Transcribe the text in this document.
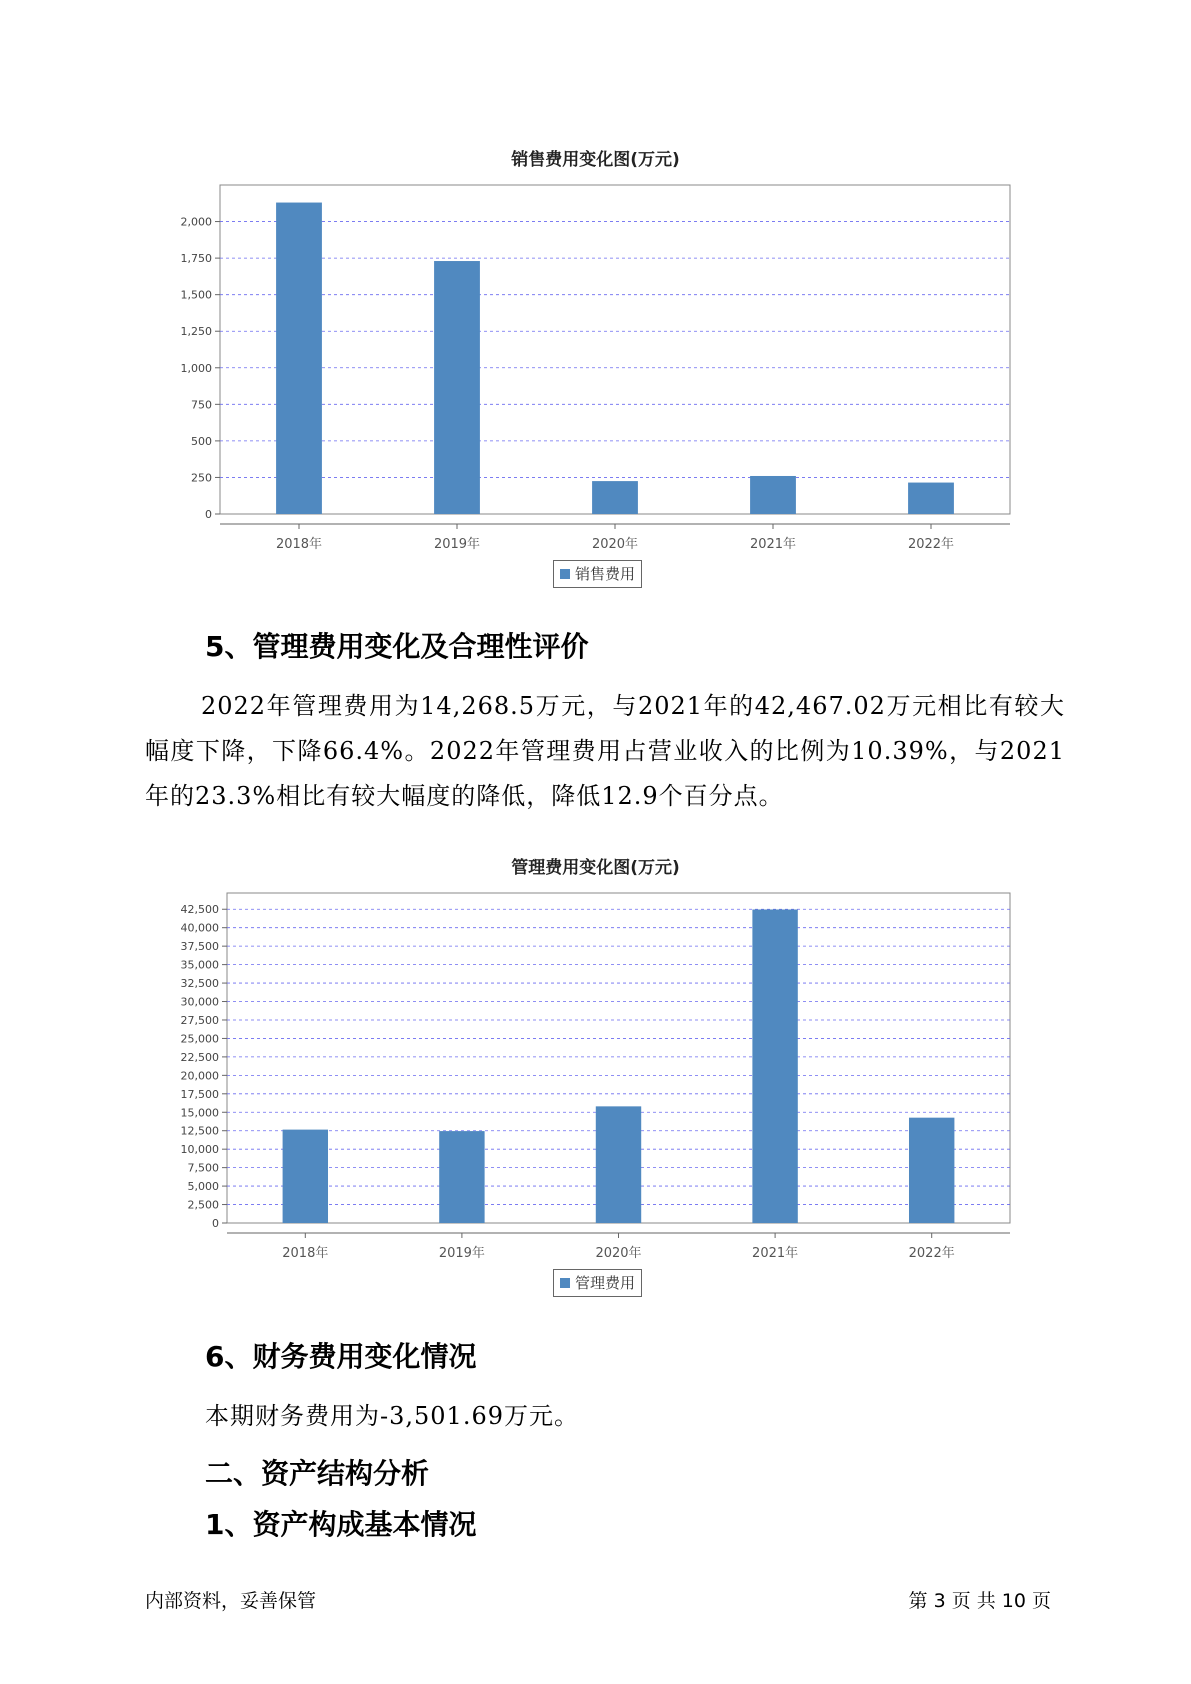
销售费用变化图(万元)
0
250
500
750
1,000
1,250
1,500
1,750
2,000
2018年	2019年	2020年	2021年	2022年
销售费用
5、管理费用变化及合理性评价
2022年管理费用为14,268.5万元，与2021年的42,467.02万元相比有较大幅度下降，下降66.4%。2022年管理费用占营业收入的比例为10.39%，与2021年的23.3%相比有较大幅度的降低，降低12.9个百分点。
管理费用变化图(万元)
0
2,500
5,000
7,500
10,000
12,500
15,000
17,500
20,000
22,500
25,000
27,500
30,000
32,500
35,000
37,500
40,000
42,500
2018年	2019年	2020年	2021年	2022年
管理费用
6、财务费用变化情况
本期财务费用为-3,501.69万元。
二、资产结构分析
1、资产构成基本情况
内部资料，妥善保管	第 3 页 共 10 页
